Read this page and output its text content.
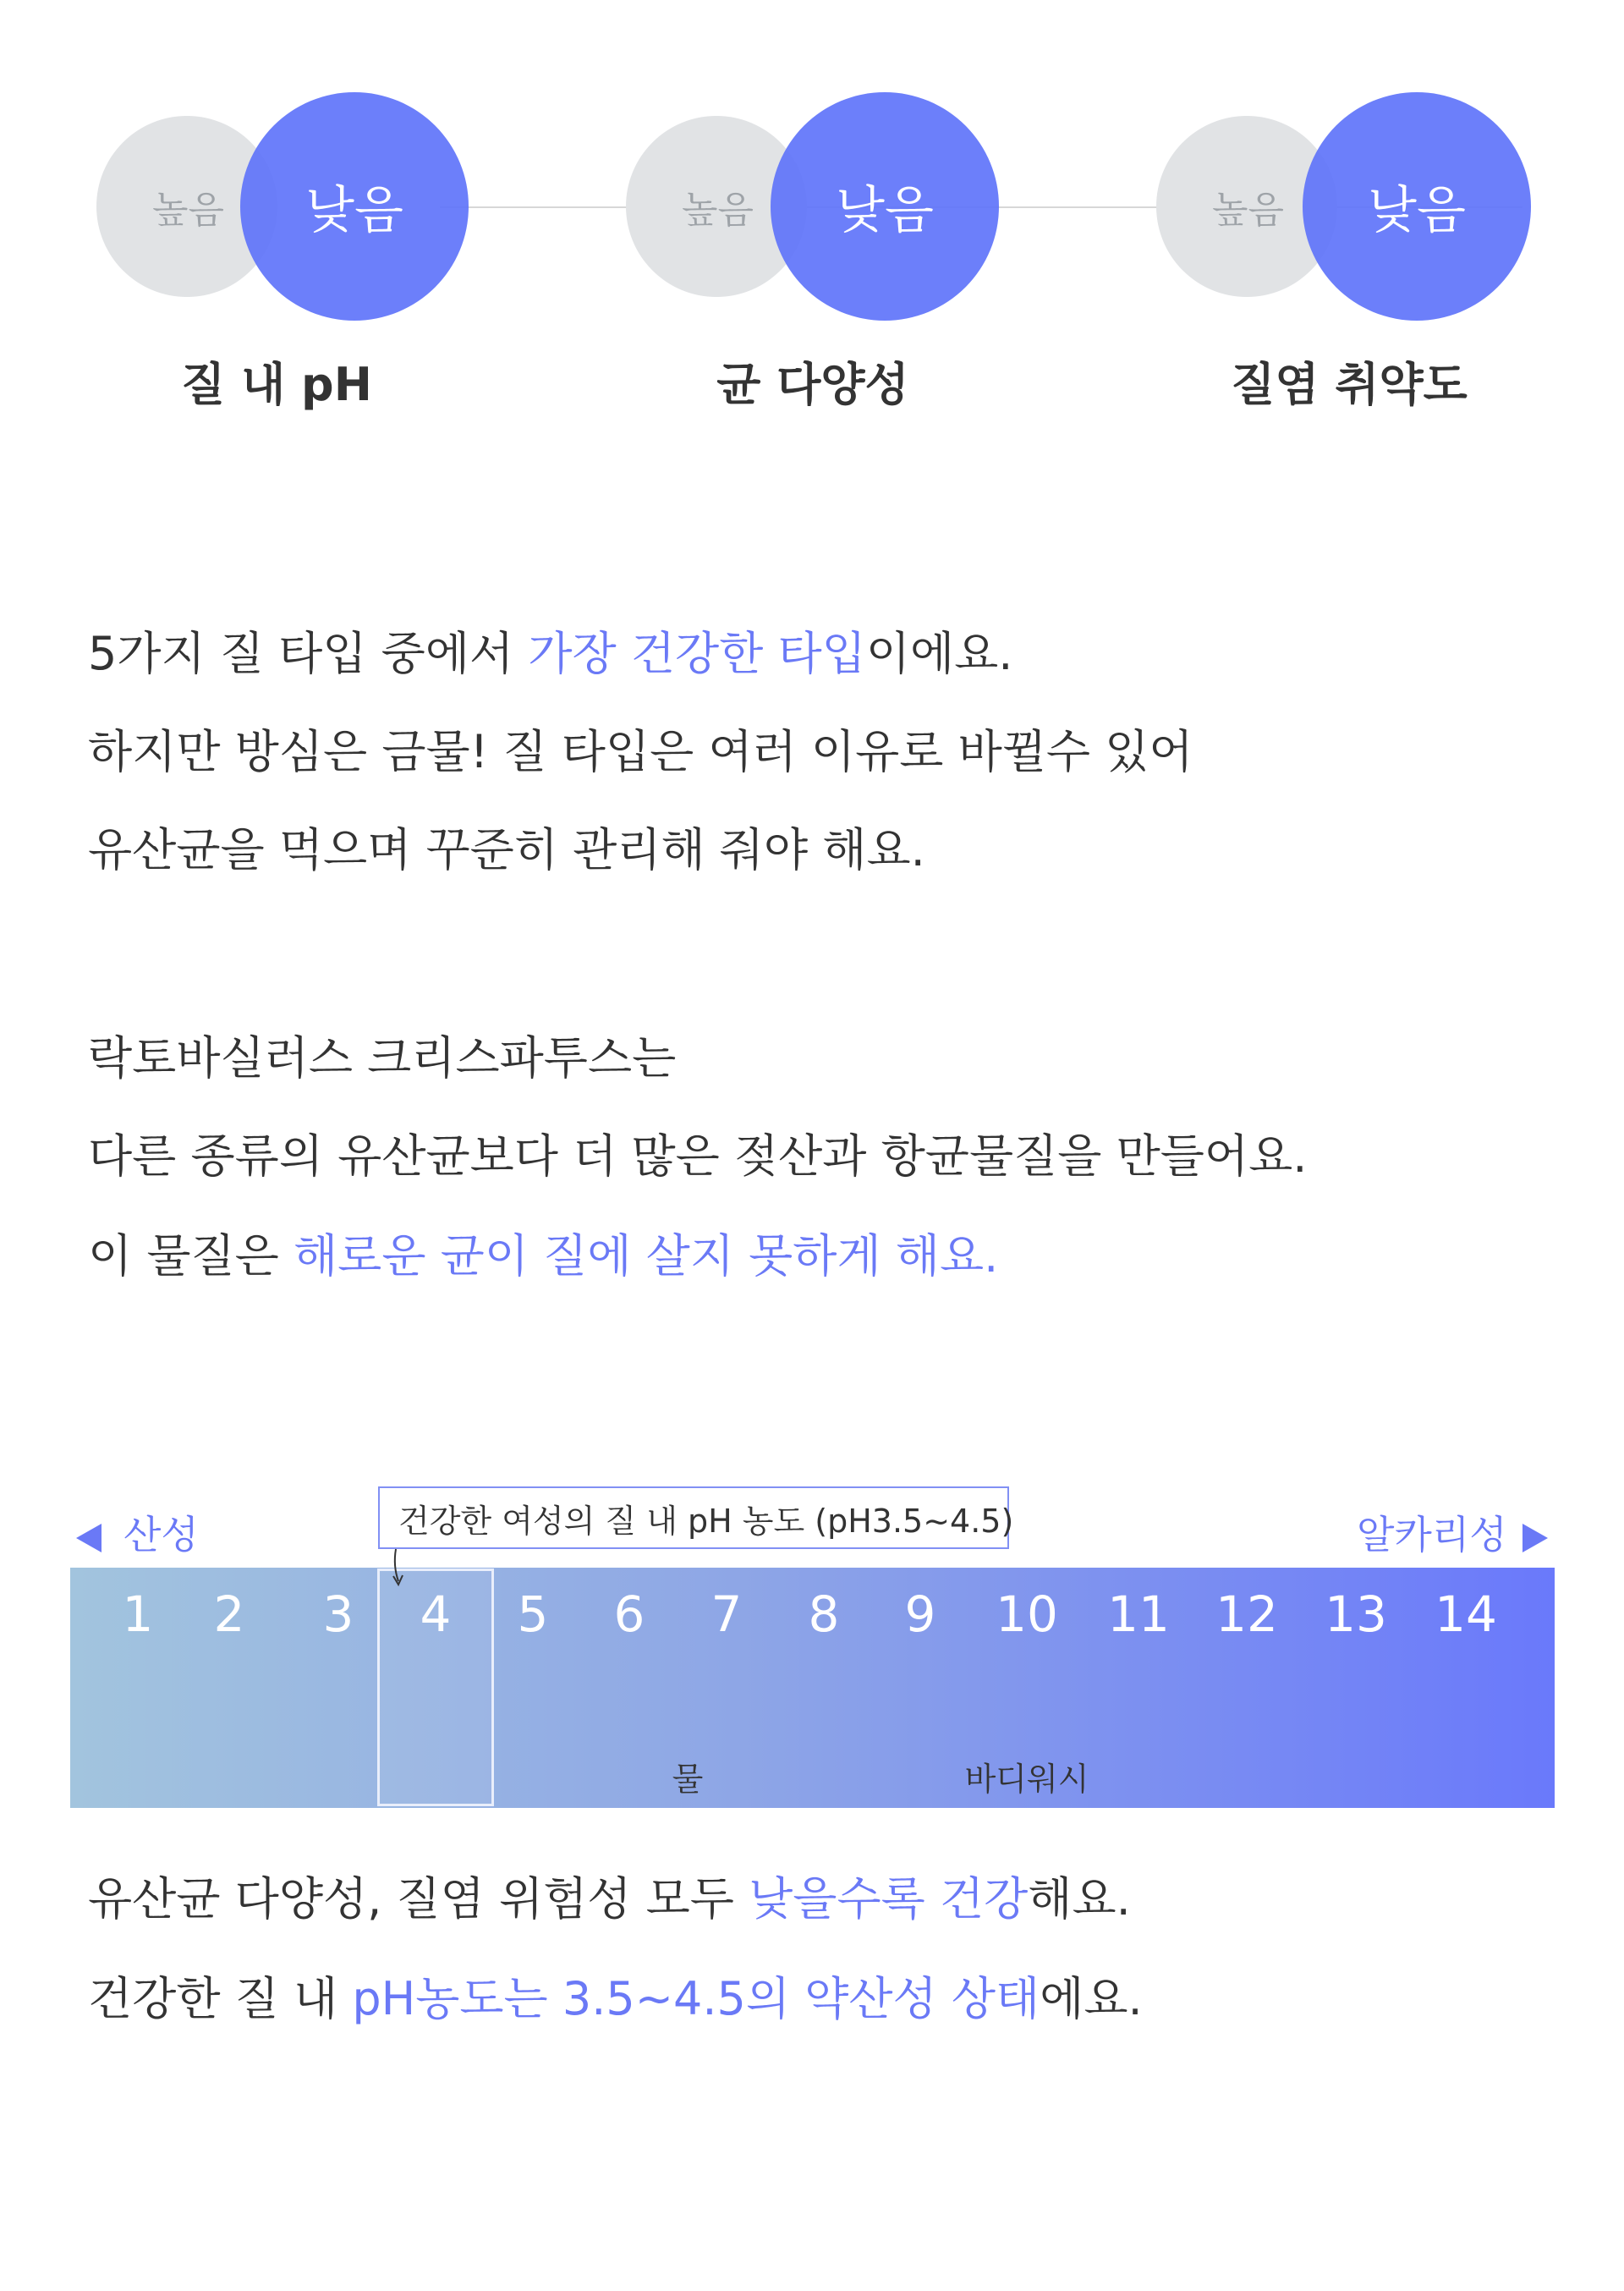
높음	낮음
질 내 pH
높음	낮음
균 다양성
높음	낮음
질염 취약도
5가지 질 타입 중에서 가장 건강한 타입이에요.
하지만 방심은 금물! 질 타입은 여러 이유로 바뀔수 있어
유산균을 먹으며 꾸준히 관리해 줘야 해요.
락토바실러스 크리스파투스는
다른 종류의 유산균보다 더 많은 젖산과 항균물질을 만들어요.
이 물질은 해로운 균이 질에 살지 못하게 해요.
산성	알카리성
건강한 여성의 질 내 pH 농도 (pH3.5~4.5)
1 2 3 4 5 6 7 8 9 10 11 12 13 14
물	바디워시
유산균 다양성, 질염 위험성 모두 낮을수록 건강해요.
건강한 질 내 pH농도는 3.5~4.5의 약산성 상태에요.
